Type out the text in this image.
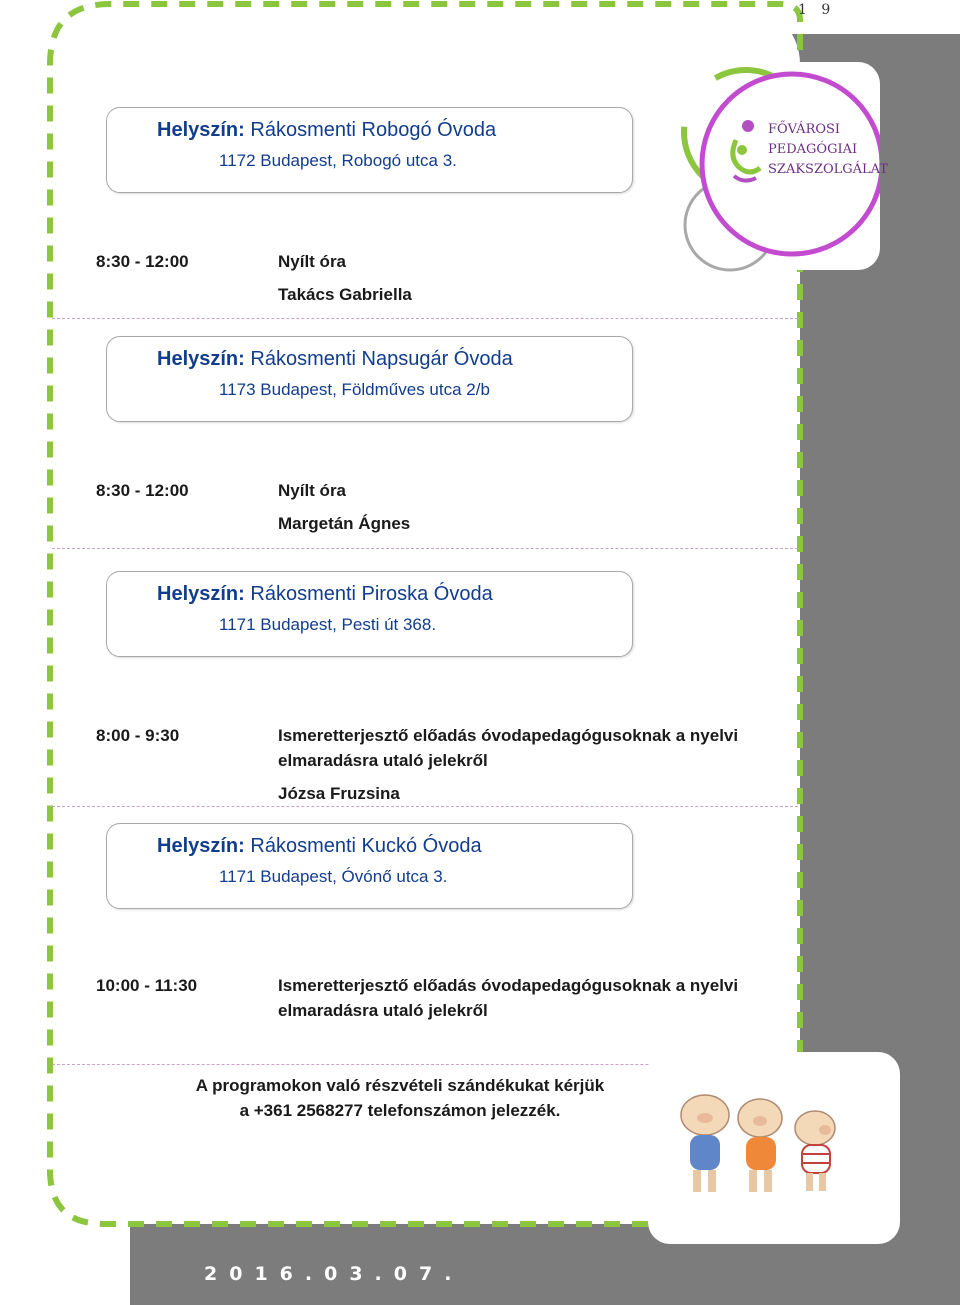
1 9
FŐVÁROSI
PEDAGÓGIAI
SZAKSZOLGÁLAT
Helyszín: Rákosmenti Robogó Óvoda
1172 Budapest, Robogó utca 3.
8:30 - 12:00	Nyílt óra
Takács Gabriella
Helyszín: Rákosmenti Napsugár Óvoda
1173 Budapest, Földműves utca 2/b
8:30 - 12:00	Nyílt óra
Margetán Ágnes
Helyszín: Rákosmenti Piroska Óvoda
1171 Budapest, Pesti út 368.
8:00 - 9:30	Ismeretterjesztő előadás óvodapedagógusoknak a nyelvi
elmaradásra utaló jelekről
Józsa Fruzsina
Helyszín: Rákosmenti Kuckó Óvoda
1171 Budapest, Óvónő utca 3.
10:00 - 11:30	Ismeretterjesztő előadás óvodapedagógusoknak a nyelvi
elmaradásra utaló jelekről
A programokon való részvételi szándékukat kérjük
a +361 2568277 telefonszámon jelezzék.
2016.03.07.
